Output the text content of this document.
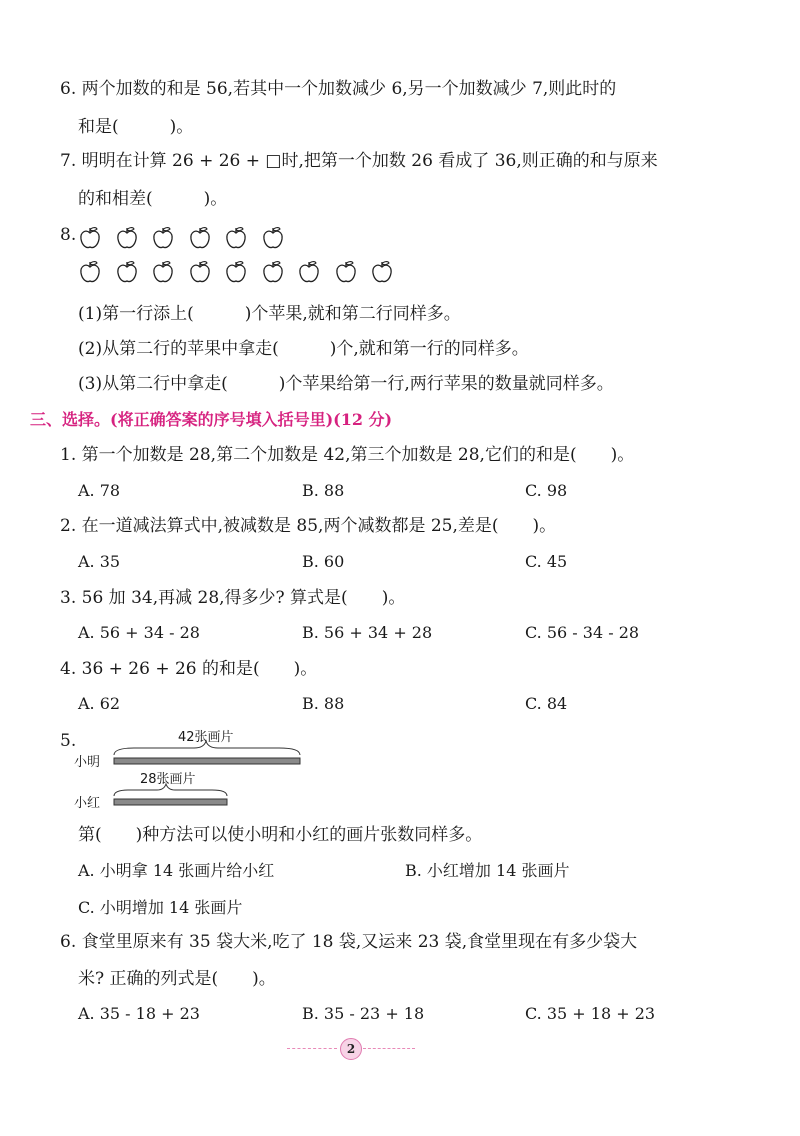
6. 两个加数的和是 56,若其中一个加数减少 6,另一个加数减少 7,则此时的
和是(　　　)。
7. 明明在计算 26 + 26 + □时,把第一个加数 26 看成了 36,则正确的和与原来
的和相差(　　　)。
8.
(1)第一行添上(　　　)个苹果,就和第二行同样多。
(2)从第二行的苹果中拿走(　　　)个,就和第一行的同样多。
(3)从第二行中拿走(　　　)个苹果给第一行,两行苹果的数量就同样多。
三、选择。(将正确答案的序号填入括号里)(12 分)
1. 第一个加数是 28,第二个加数是 42,第三个加数是 28,它们的和是(　　)。
A. 78	B. 88	C. 98
2. 在一道减法算式中,被减数是 85,两个减数都是 25,差是(　　)。
A. 35	B. 60	C. 45
3. 56 加 34,再减 28,得多少? 算式是(　　)。
A. 56 + 34 - 28	B. 56 + 34 + 28	C. 56 - 34 - 28
4. 36 + 26 + 26 的和是(　　)。
A. 62	B. 88	C. 84
5.
小明
42张画片
28张画片
小红
第(　　)种方法可以使小明和小红的画片张数同样多。
A. 小明拿 14 张画片给小红	B. 小红增加 14 张画片
C. 小明增加 14 张画片
6. 食堂里原来有 35 袋大米,吃了 18 袋,又运来 23 袋,食堂里现在有多少袋大
米? 正确的列式是(　　)。
A. 35 - 18 + 23	B. 35 - 23 + 18	C. 35 + 18 + 23
2
